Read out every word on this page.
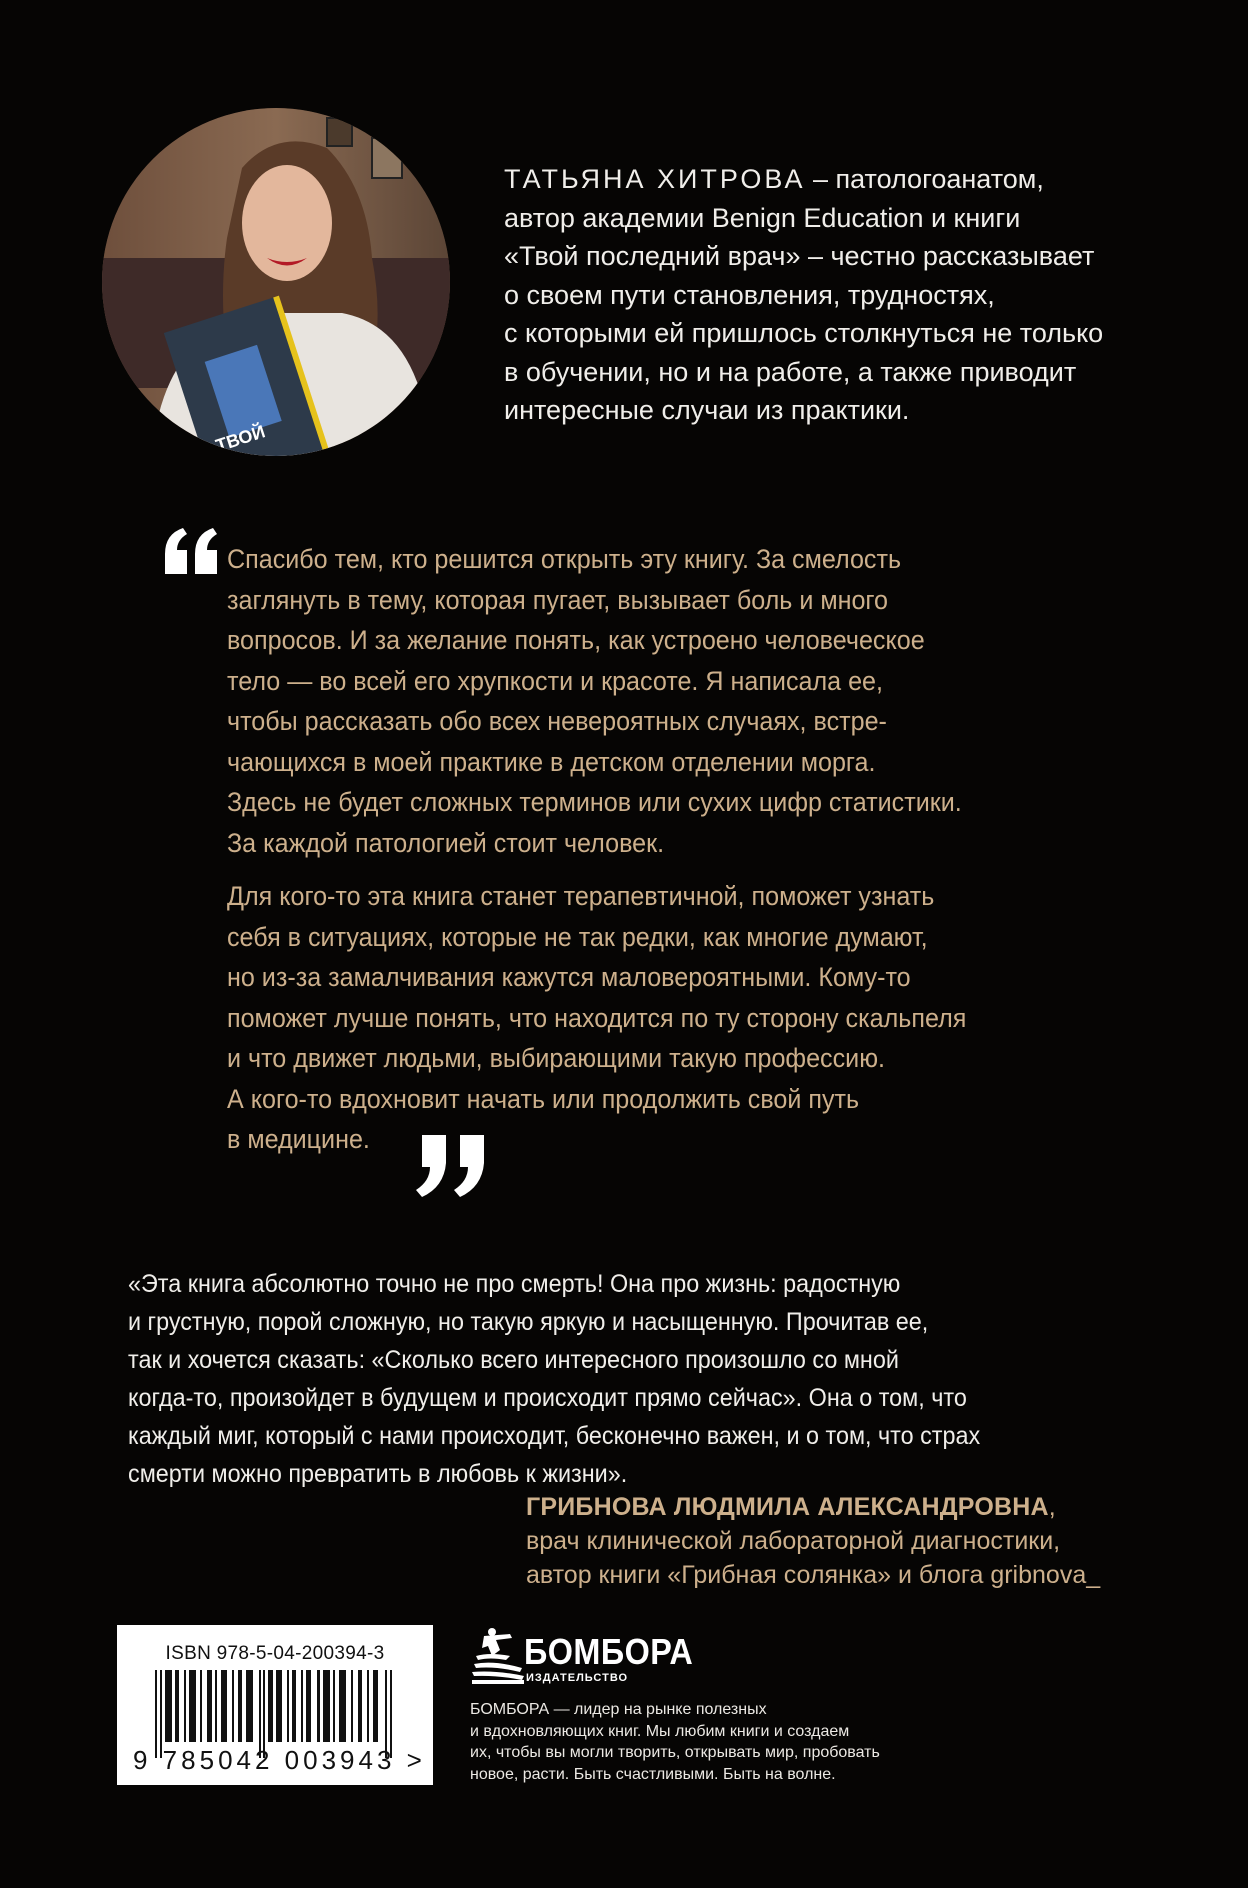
ТВОЙ
ТАТЬЯНА ХИТРОВА – патологоанатом,
автор академии Benign Education и книги
«Твой последний врач» – честно рассказывает
о своем пути становления, трудностях,
с которыми ей пришлось столкнуться не только
в обучении, но и на работе, а также приводит
интересные случаи из практики.
Спасибо тем, кто решится открыть эту книгу. За смелость
заглянуть в тему, которая пугает, вызывает боль и много
вопросов. И за желание понять, как устроено человеческое
тело — во всей его хрупкости и красоте. Я написала ее,
чтобы рассказать обо всех невероятных случаях, встре-
чающихся в моей практике в детском отделении морга.
Здесь не будет сложных терминов или сухих цифр статистики.
За каждой патологией стоит человек.
Для кого-то эта книга станет терапевтичной, поможет узнать
себя в ситуациях, которые не так редки, как многие думают,
но из-за замалчивания кажутся маловероятными. Кому-то
поможет лучше понять, что находится по ту сторону скальпеля
и что движет людьми, выбирающими такую профессию.
А кого-то вдохновит начать или продолжить свой путь
в медицине.
«Эта книга абсолютно точно не про смерть! Она про жизнь: радостную
и грустную, порой сложную, но такую яркую и насыщенную. Прочитав ее,
так и хочется сказать: «Сколько всего интересного произошло со мной
когда-то, произойдет в будущем и происходит прямо сейчас». Она о том, что
каждый миг, который с нами происходит, бесконечно важен, и о том, что страх
смерти можно превратить в любовь к жизни».
ГРИБНОВА ЛЮДМИЛА АЛЕКСАНДРОВНА,
врач клинической лабораторной диагностики,
автор книги «Грибная солянка» и блога gribnova_
ISBN 978-5-04-200394-3
9 785042 003943 >
БОМБОРА
ИЗДАТЕЛЬСТВО
БОМБОРА — лидер на рынке полезных
и вдохновляющих книг. Мы любим книги и создаем
их, чтобы вы могли творить, открывать мир, пробовать
новое, расти. Быть счастливыми. Быть на волне.
